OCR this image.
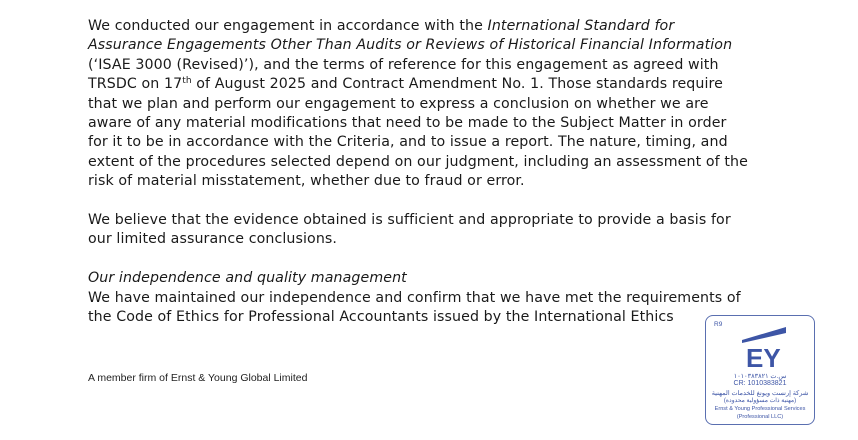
We conducted our engagement in accordance with the International Standard for
Assurance Engagements Other Than Audits or Reviews of Historical Financial Information
(‘ISAE 3000 (Revised)’), and the terms of reference for this engagement as agreed with
TRSDC on 17th of August 2025 and Contract Amendment No. 1. Those standards require
that we plan and perform our engagement to express a conclusion on whether we are
aware of any material modifications that need to be made to the Subject Matter in order
for it to be in accordance with the Criteria, and to issue a report. The nature, timing, and
extent of the procedures selected depend on our judgment, including an assessment of the
risk of material misstatement, whether due to fraud or error.
We believe that the evidence obtained is sufficient and appropriate to provide a basis for
our limited assurance conclusions.
Our independence and quality management
We have maintained our independence and confirm that we have met the requirements of
the Code of Ethics for Professional Accountants issued by the International Ethics
A member firm of Ernst & Young Global Limited
R9
EY
س.ت ١٠١٠٣٨٣٨٢١
CR: 1010383821
شركة إرنست ويونغ للخدمات المهنية
(مهنية ذات مسؤولية محدودة)
Ernst & Young Professional Services
(Professional LLC)
